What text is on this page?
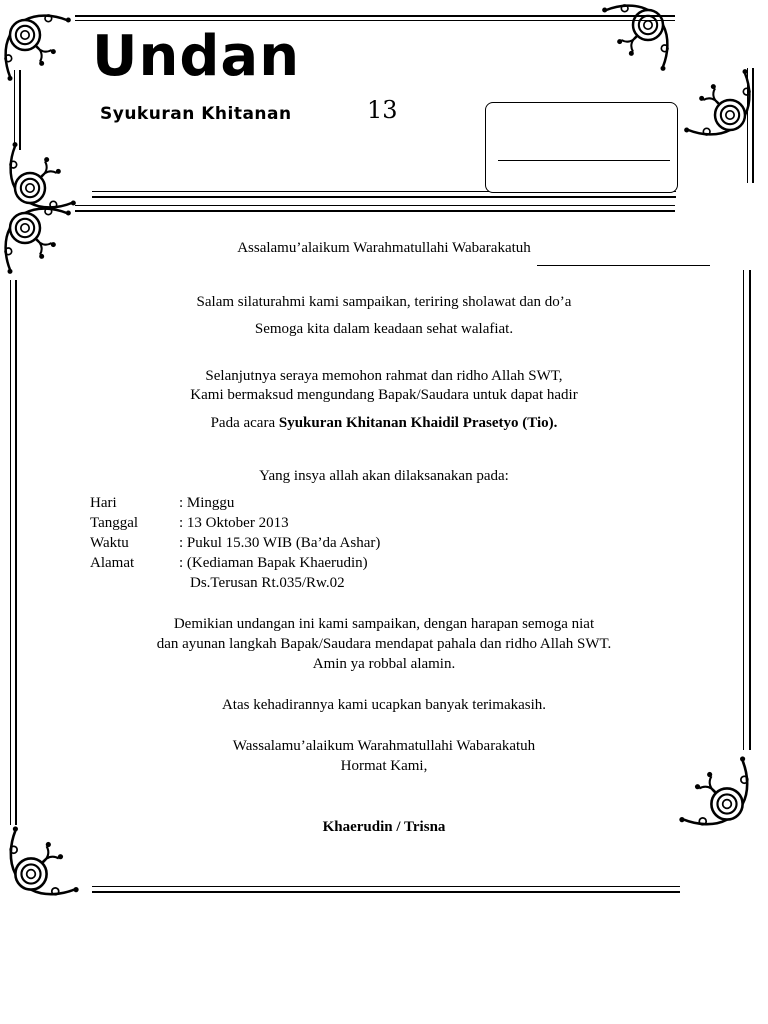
Undan
Syukuran Khitanan	13
Assalamu’alaikum Warahmatullahi Wabarakatuh
Salam silaturahmi kami sampaikan, teriring sholawat dan do’a
Semoga kita dalam keadaan sehat walafiat.
Selanjutnya seraya memohon rahmat dan ridho Allah SWT,
Kami bermaksud mengundang Bapak/Saudara untuk dapat hadir
Pada acara Syukuran Khitanan Khaidil Prasetyo (Tio).
Yang insya allah akan dilaksanakan pada:
Hari	: Minggu
Tanggal	: 13 Oktober 2013
Waktu	: Pukul 15.30 WIB (Ba’da Ashar)
Alamat	: (Kediaman Bapak Khaerudin)
Ds.Terusan Rt.035/Rw.02
Demikian undangan ini kami sampaikan, dengan harapan semoga niat
dan ayunan langkah Bapak/Saudara mendapat pahala dan ridho Allah SWT.
Amin ya robbal alamin.
Atas kehadirannya kami ucapkan banyak terimakasih.
Wassalamu’alaikum Warahmatullahi Wabarakatuh
Hormat Kami,
Khaerudin / Trisna
